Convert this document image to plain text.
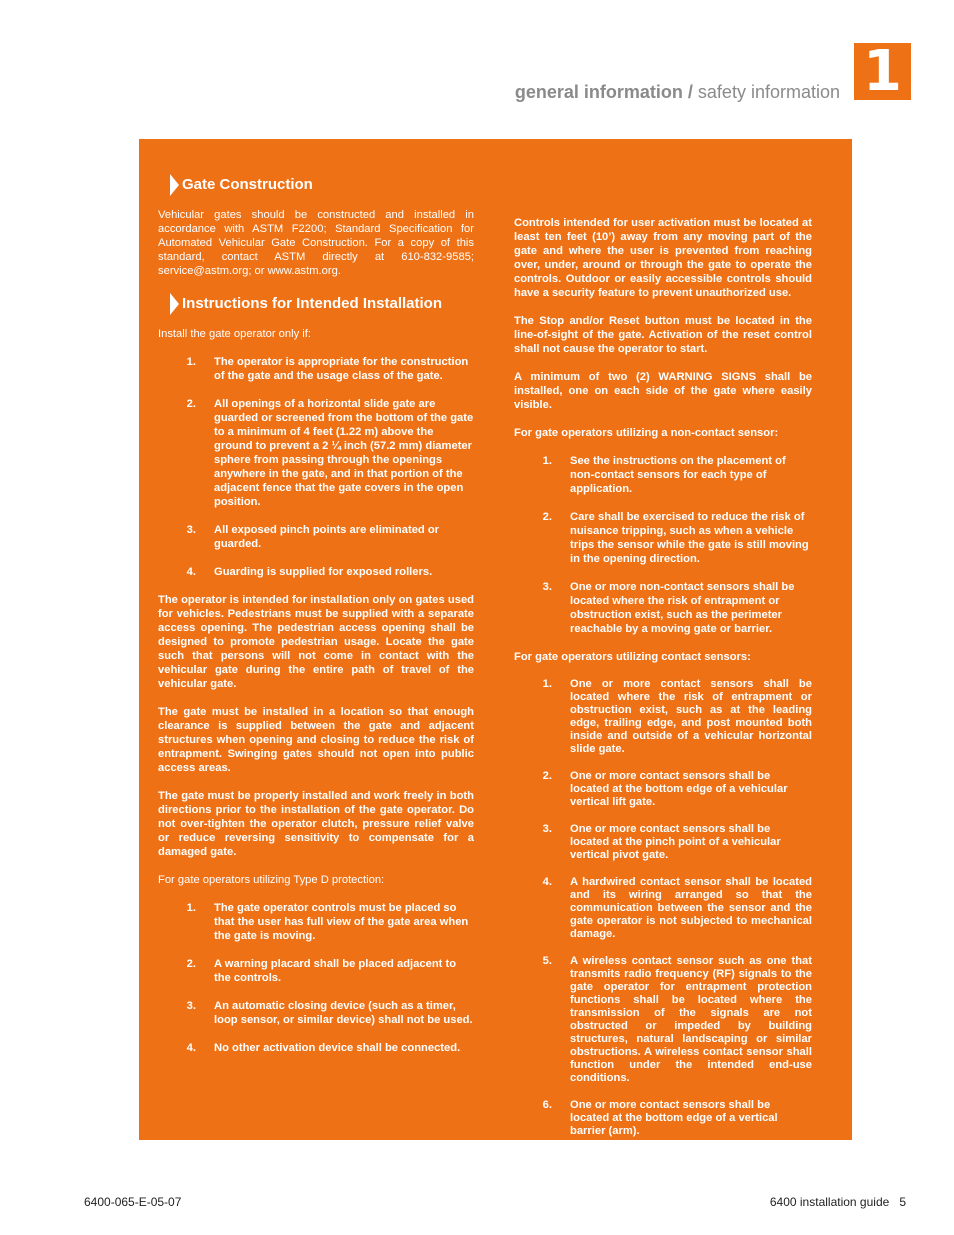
general information / safety information 1
Gate Construction

Vehicular gates should be constructed and installed in accordance with ASTM F2200; Standard Specification for Automated Vehicular Gate Construction. For a copy of this standard, contact ASTM directly at 610-832-9585; service@astm.org; or www.astm.org.

Instructions for Intended Installation

Install the gate operator only if:

1.	The operator is appropriate for the construction of the gate and the usage class of the gate.
2.	All openings of a horizontal slide gate are guarded or screened from the bottom of the gate to a minimum of 4 feet (1.22 m) above the ground to prevent a 2 ¼ inch (57.2 mm) diameter sphere from passing through the openings anywhere in the gate, and in that portion of the adjacent fence that the gate covers in the open position.
3.	All exposed pinch points are eliminated or guarded.
4.	Guarding is supplied for exposed rollers.

The operator is intended for installation only on gates used for vehicles. Pedestrians must be supplied with a separate access opening. The pedestrian access opening shall be designed to promote pedestrian usage. Locate the gate such that persons will not come in contact with the vehicular gate during the entire path of travel of the vehicular gate.

The gate must be installed in a location so that enough clearance is supplied between the gate and adjacent structures when opening and closing to reduce the risk of entrapment. Swinging gates should not open into public access areas.

The gate must be properly installed and work freely in both directions prior to the installation of the gate operator. Do not over-tighten the operator clutch, pressure relief valve or reduce reversing sensitivity to compensate for a damaged gate.

For gate operators utilizing Type D protection:

1.	The gate operator controls must be placed so that the user has full view of the gate area when the gate is moving.
2.	A warning placard shall be placed adjacent to the controls.
3.	An automatic closing device (such as a timer, loop sensor, or similar device) shall not be used.
4.	No other activation device shall be connected.

Controls intended for user activation must be located at least ten feet (10’) away from any moving part of the gate and where the user is prevented from reaching over, under, around or through the gate to operate the controls. Outdoor or easily accessible controls should have a security feature to prevent unauthorized use.

The Stop and/or Reset button must be located in the line-of-sight of the gate. Activation of the reset control shall not cause the operator to start.

A minimum of two (2) WARNING SIGNS shall be installed, one on each side of the gate where easily visible.

For gate operators utilizing a non-contact sensor:

1.	See the instructions on the placement of non-contact sensors for each type of application.
2.	Care shall be exercised to reduce the risk of nuisance tripping, such as when a vehicle trips the sensor while the gate is still moving in the opening direction.
3.	One or more non-contact sensors shall be located where the risk of entrapment or obstruction exist, such as the perimeter reachable by a moving gate or barrier.

For gate operators utilizing contact sensors:

1.	One or more contact sensors shall be located where the risk of entrapment or obstruction exist, such as at the leading edge, trailing edge, and post mounted both inside and outside of a vehicular horizontal slide gate.
2.	One or more contact sensors shall be located at the bottom edge of a vehicular vertical lift gate.
3.	One or more contact sensors shall be located at the pinch point of a vehicular vertical pivot gate.
4.	A hardwired contact sensor shall be located and its wiring arranged so that the communication between the sensor and the gate operator is not subjected to mechanical damage.
5.	A wireless contact sensor such as one that transmits radio frequency (RF) signals to the gate operator for entrapment protection functions shall be located where the transmission of the signals are not obstructed or impeded by building structures, natural landscaping or similar obstructions. A wireless contact sensor shall function under the intended end-use conditions.
6.	One or more contact sensors shall be located at the bottom edge of a vertical barrier (arm).
6400-065-E-05-07	6400 installation guide 5
